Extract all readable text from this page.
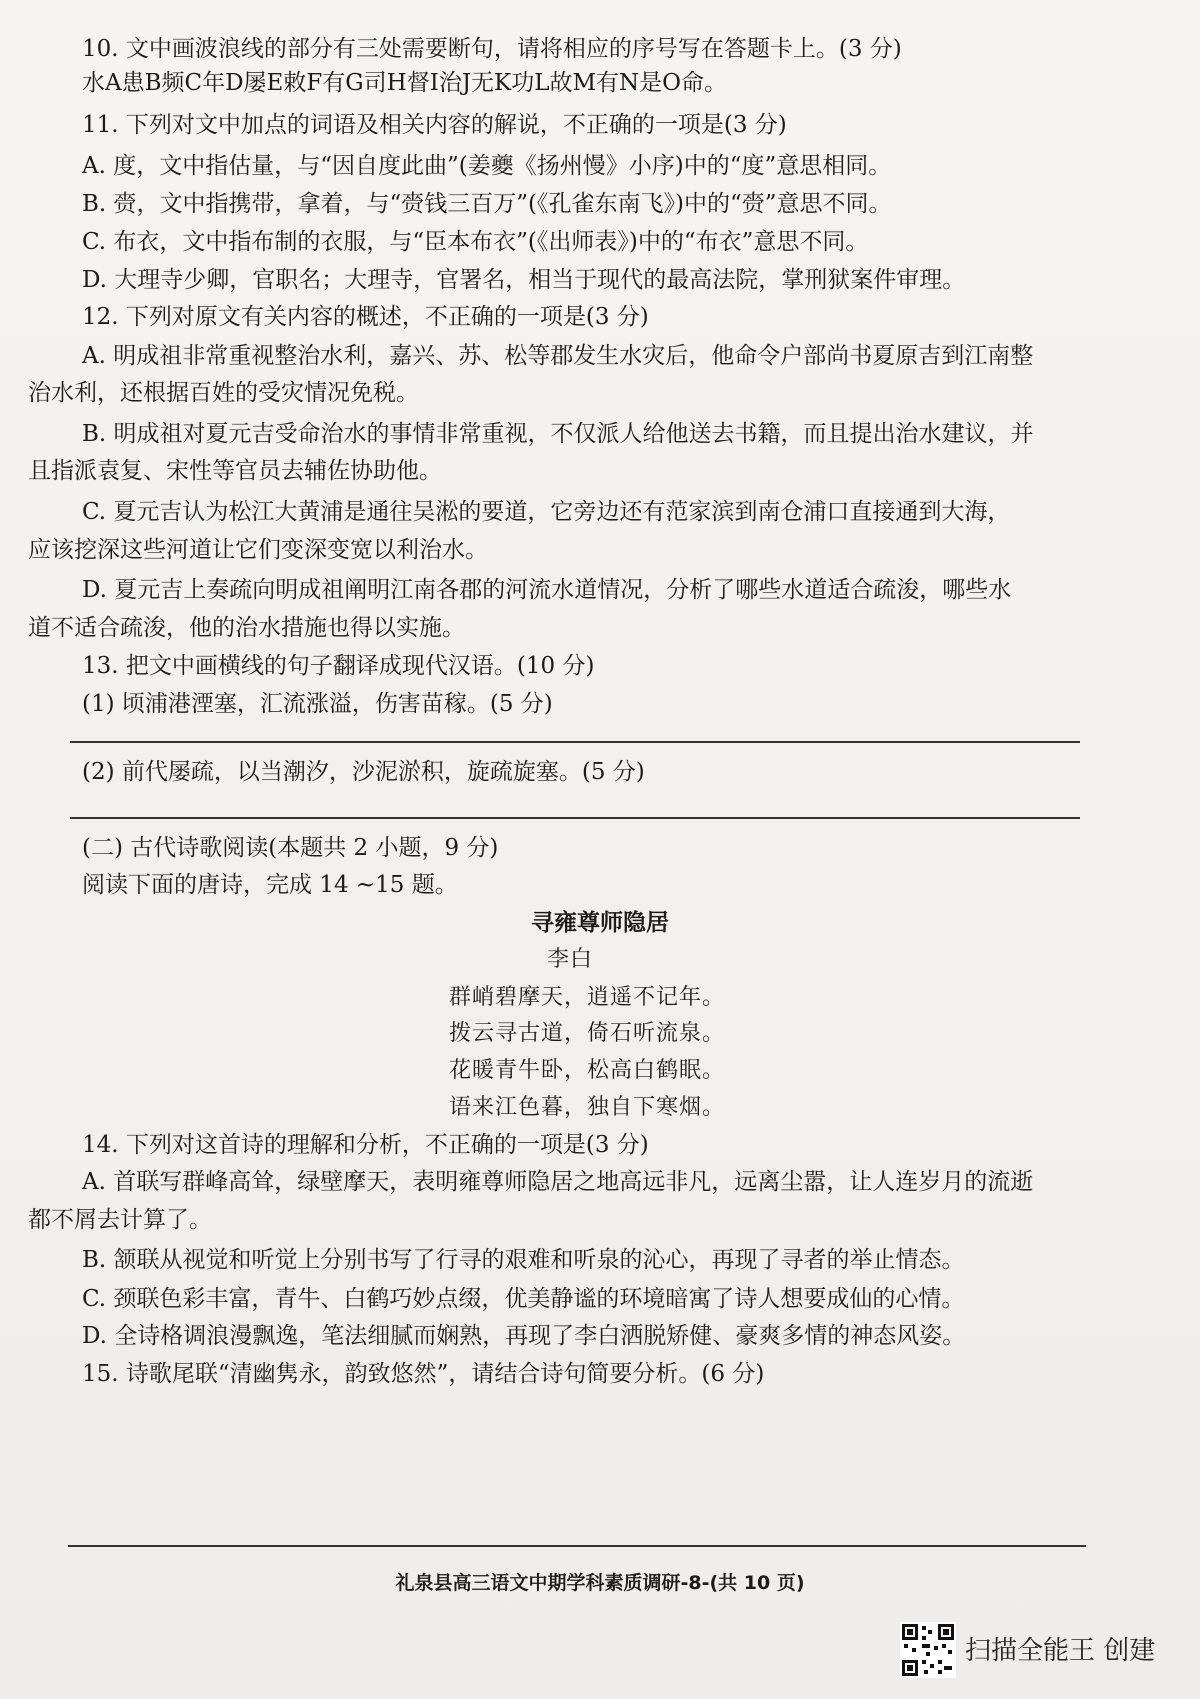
10. 文中画波浪线的部分有三处需要断句，请将相应的序号写在答题卡上。(3 分)
水A患B频C年D屡E敕F有G司H督I治J无K功L故M有N是O命。
11. 下列对文中加点的词语及相关内容的解说，不正确的一项是(3 分)
A. 度，文中指估量，与“因自度此曲”(姜夔《扬州慢》小序)中的“度”意思相同。
B. 赍，文中指携带，拿着，与“赍钱三百万”(《孔雀东南飞》)中的“赍”意思不同。
C. 布衣，文中指布制的衣服，与“臣本布衣”(《出师表》)中的“布衣”意思不同。
D. 大理寺少卿，官职名；大理寺，官署名，相当于现代的最高法院，掌刑狱案件审理。
12. 下列对原文有关内容的概述，不正确的一项是(3 分)
A. 明成祖非常重视整治水利，嘉兴、苏、松等郡发生水灾后，他命令户部尚书夏原吉到江南整
治水利，还根据百姓的受灾情况免税。
B. 明成祖对夏元吉受命治水的事情非常重视，不仅派人给他送去书籍，而且提出治水建议，并
且指派袁复、宋性等官员去辅佐协助他。
C. 夏元吉认为松江大黄浦是通往吴淞的要道，它旁边还有范家滨到南仓浦口直接通到大海，
应该挖深这些河道让它们变深变宽以利治水。
D. 夏元吉上奏疏向明成祖阐明江南各郡的河流水道情况，分析了哪些水道适合疏浚，哪些水
道不适合疏浚，他的治水措施也得以实施。
13. 把文中画横线的句子翻译成现代汉语。(10 分)
(1) 顷浦港湮塞，汇流涨溢，伤害苗稼。(5 分)
(2) 前代屡疏，以当潮汐，沙泥淤积，旋疏旋塞。(5 分)
(二) 古代诗歌阅读(本题共 2 小题，9 分)
阅读下面的唐诗，完成 14 ~15 题。
寻雍尊师隐居
李白
群峭碧摩天，逍遥不记年。
拨云寻古道，倚石听流泉。
花暖青牛卧，松高白鹤眠。
语来江色暮，独自下寒烟。
14. 下列对这首诗的理解和分析，不正确的一项是(3 分)
A. 首联写群峰高耸，绿壁摩天，表明雍尊师隐居之地高远非凡，远离尘嚣，让人连岁月的流逝
都不屑去计算了。
B. 颔联从视觉和听觉上分别书写了行寻的艰难和听泉的沁心，再现了寻者的举止情态。
C. 颈联色彩丰富，青牛、白鹤巧妙点缀，优美静谧的环境暗寓了诗人想要成仙的心情。
D. 全诗格调浪漫飘逸，笔法细腻而娴熟，再现了李白洒脱矫健、豪爽多情的神态风姿。
15. 诗歌尾联“清幽隽永，韵致悠然”，请结合诗句简要分析。(6 分)
礼泉县高三语文中期学科素质调研-8-(共 10 页)
扫描全能王 创建
